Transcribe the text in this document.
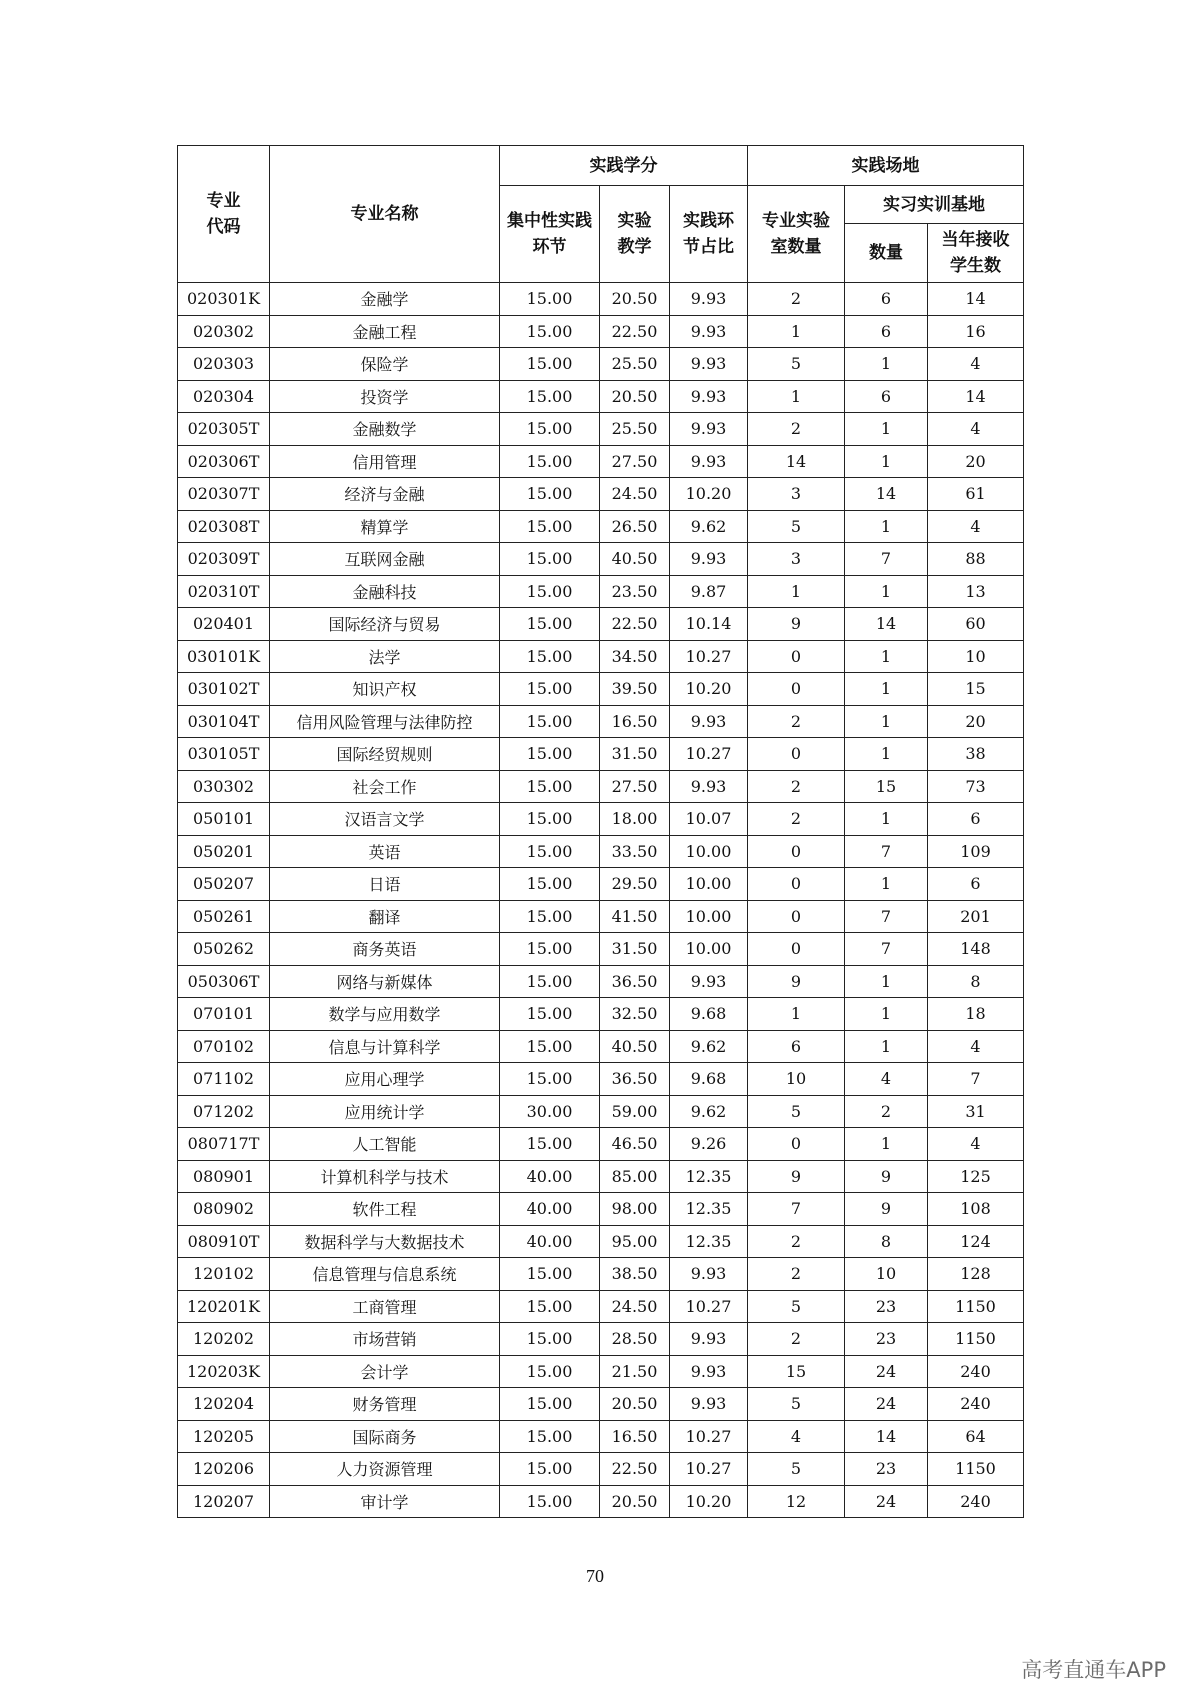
专业
代码	专业名称	实践学分			实践场地		

		集中性实践环节	实验教学	实践环节占比	专业实验室数量	实习实训基地	
						数量	当年接收学生数

020301K	金融学	15.00	20.50	9.93	2	6	14
020302	金融工程	15.00	22.50	9.93	1	6	16
020303	保险学	15.00	25.50	9.93	5	1	4
020304	投资学	15.00	20.50	9.93	1	6	14
020305T	金融数学	15.00	25.50	9.93	2	1	4
020306T	信用管理	15.00	27.50	9.93	14	1	20
020307T	经济与金融	15.00	24.50	10.20	3	14	61
020308T	精算学	15.00	26.50	9.62	5	1	4
020309T	互联网金融	15.00	40.50	9.93	3	7	88
020310T	金融科技	15.00	23.50	9.87	1	1	13
020401	国际经济与贸易	15.00	22.50	10.14	9	14	60
030101K	法学	15.00	34.50	10.27	0	1	10
030102T	知识产权	15.00	39.50	10.20	0	1	15
030104T	信用风险管理与法律防控	15.00	16.50	9.93	2	1	20
030105T	国际经贸规则	15.00	31.50	10.27	0	1	38
030302	社会工作	15.00	27.50	9.93	2	15	73
050101	汉语言文学	15.00	18.00	10.07	2	1	6
050201	英语	15.00	33.50	10.00	0	7	109
050207	日语	15.00	29.50	10.00	0	1	6
050261	翻译	15.00	41.50	10.00	0	7	201
050262	商务英语	15.00	31.50	10.00	0	7	148
050306T	网络与新媒体	15.00	36.50	9.93	9	1	8
070101	数学与应用数学	15.00	32.50	9.68	1	1	18
070102	信息与计算科学	15.00	40.50	9.62	6	1	4
071102	应用心理学	15.00	36.50	9.68	10	4	7
071202	应用统计学	30.00	59.00	9.62	5	2	31
080717T	人工智能	15.00	46.50	9.26	0	1	4
080901	计算机科学与技术	40.00	85.00	12.35	9	9	125
080902	软件工程	40.00	98.00	12.35	7	9	108
080910T	数据科学与大数据技术	40.00	95.00	12.35	2	8	124
120102	信息管理与信息系统	15.00	38.50	9.93	2	10	128
120201K	工商管理	15.00	24.50	10.27	5	23	1150
120202	市场营销	15.00	28.50	9.93	2	23	1150
120203K	会计学	15.00	21.50	9.93	15	24	240
120204	财务管理	15.00	20.50	9.93	5	24	240
120205	国际商务	15.00	16.50	10.27	4	14	64
120206	人力资源管理	15.00	22.50	10.27	5	23	1150
120207	审计学	15.00	20.50	10.20	12	24	240
70
高考直通车APP
